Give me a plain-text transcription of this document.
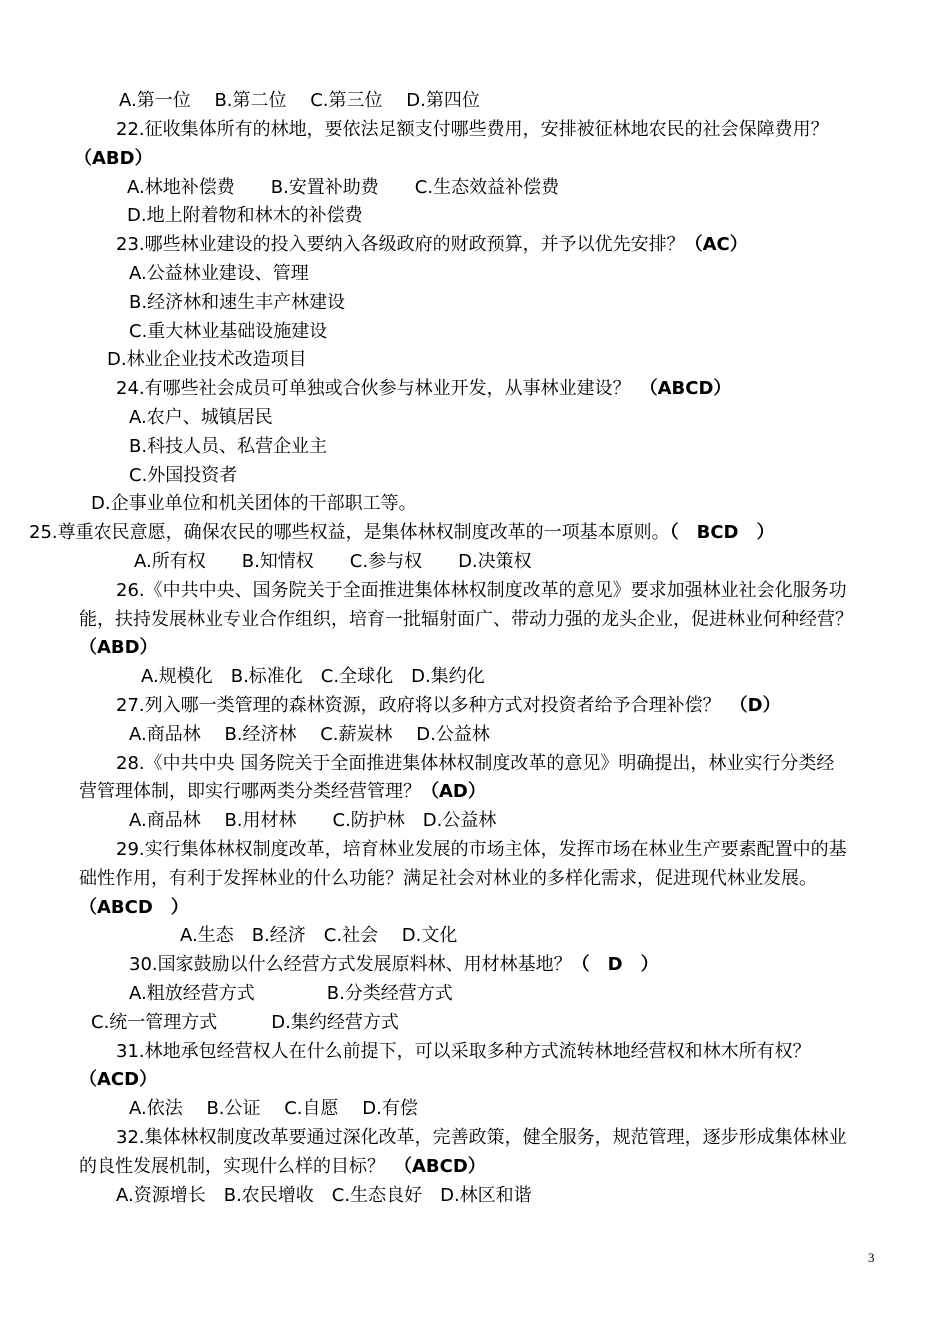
A.第一位　 B.第二位　 C.第三位　 D.第四位
22.征收集体所有的林地，要依法足额支付哪些费用，安排被征林地农民的社会保障费用？
（ABD）
A.林地补偿费　　B.安置补助费　　C.生态效益补偿费
D.地上附着物和林木的补偿费
23.哪些林业建设的投入要纳入各级政府的财政预算，并予以优先安排？（AC）
A.公益林业建设、管理
B.经济林和速生丰产林建设
C.重大林业基础设施建设
D.林业企业技术改造项目
24.有哪些社会成员可单独或合伙参与林业开发，从事林业建设？　（ABCD）
A.农户、城镇居民
B.科技人员、私营企业主
C.外国投资者
D.企事业单位和机关团体的干部职工等。
25.尊重农民意愿，确保农民的哪些权益，是集体林权制度改革的一项基本原则。（　BCD　）
A.所有权　　B.知情权　　C.参与权　　D.决策权
26.《中共中央、国务院关于全面推进集体林权制度改革的意见》要求加强林业社会化服务功
能，扶持发展林业专业合作组织，培育一批辐射面广、带动力强的龙头企业，促进林业何种经营？
（ABD）
A.规模化　B.标准化　C.全球化　D.集约化
27.列入哪一类管理的森林资源，政府将以多种方式对投资者给予合理补偿？　（D）
A.商品林　 B.经济林　 C.薪炭林　 D.公益林
28.《中共中央 国务院关于全面推进集体林权制度改革的意见》明确提出，林业实行分类经
营管理体制，即实行哪两类分类经营管理？（AD）
A.商品林　 B.用材林　　C.防护林　D.公益林
29.实行集体林权制度改革，培育林业发展的市场主体，发挥市场在林业生产要素配置中的基
础性作用，有利于发挥林业的什么功能？满足社会对林业的多样化需求，促进现代林业发展。
（ABCD　）
A.生态　B.经济　C.社会　 D.文化
30.国家鼓励以什么经营方式发展原料林、用材林基地？（　D　）
A.粗放经营方式　　　　B.分类经营方式
C.统一管理方式　　　D.集约经营方式
31.林地承包经营权人在什么前提下，可以采取多种方式流转林地经营权和林木所有权？
（ACD）
A.依法　 B.公证　 C.自愿　 D.有偿
32.集体林权制度改革要通过深化改革，完善政策，健全服务，规范管理，逐步形成集体林业
的良性发展机制，实现什么样的目标？　（ABCD）
A.资源增长　B.农民增收　C.生态良好　D.林区和谐
3
